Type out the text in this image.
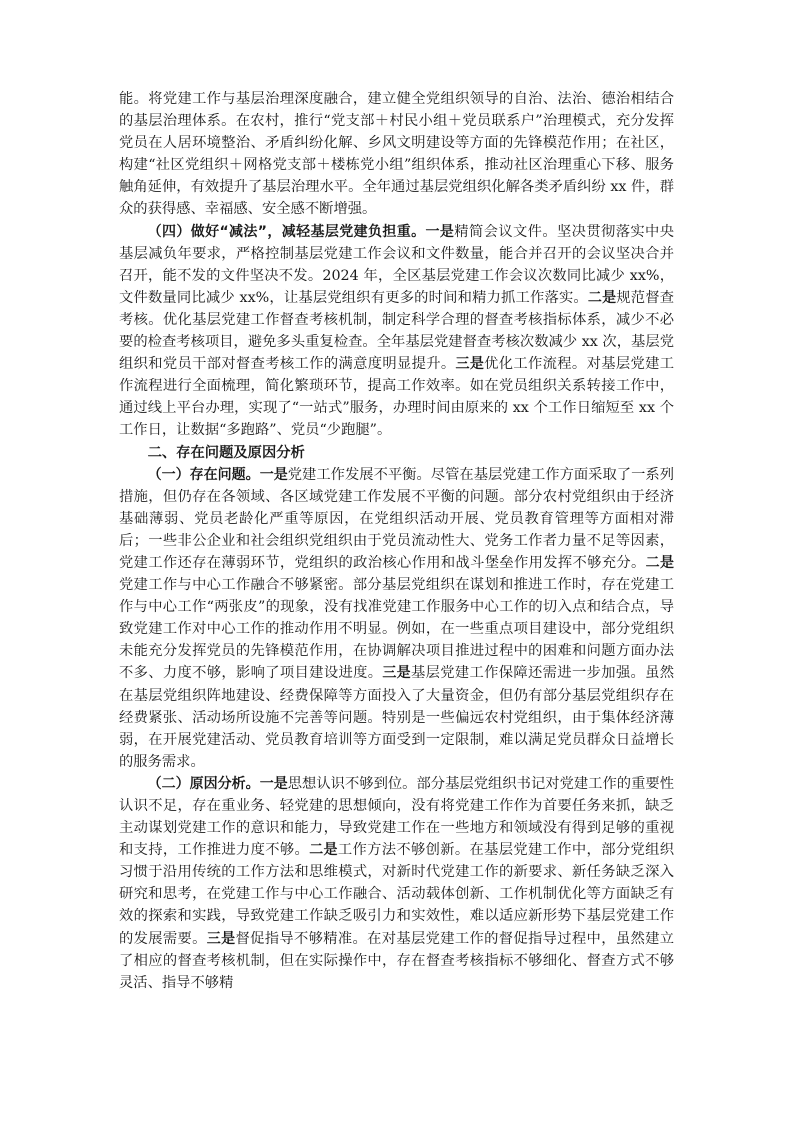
能。将党建工作与基层治理深度融合，建立健全党组织领导的自治、法治、德治相结合的基层治理体系。在农村，推行“党支部＋村民小组＋党员联系户”治理模式，充分发挥党员在人居环境整治、矛盾纠纷化解、乡风文明建设等方面的先锋模范作用；在社区，构建“社区党组织＋网格党支部＋楼栋党小组”组织体系，推动社区治理重心下移、服务触角延伸，有效提升了基层治理水平。全年通过基层党组织化解各类矛盾纠纷 xx 件，群众的获得感、幸福感、安全感不断增强。

（四）做好“减法”，减轻基层党建负担重。一是精简会议文件。坚决贯彻落实中央基层减负年要求，严格控制基层党建工作会议和文件数量，能合并召开的会议坚决合并召开，能不发的文件坚决不发。2024 年，全区基层党建工作会议次数同比减少 xx%，文件数量同比减少 xx%，让基层党组织有更多的时间和精力抓工作落实。二是规范督查考核。优化基层党建工作督查考核机制，制定科学合理的督查考核指标体系，减少不必要的检查考核项目，避免多头重复检查。全年基层党建督查考核次数减少 xx 次，基层党组织和党员干部对督查考核工作的满意度明显提升。三是优化工作流程。对基层党建工作流程进行全面梳理，简化繁琐环节，提高工作效率。如在党员组织关系转接工作中，通过线上平台办理，实现了“一站式”服务，办理时间由原来的 xx 个工作日缩短至 xx 个工作日，让数据“多跑路”、党员“少跑腿”。

二、存在问题及原因分析

（一）存在问题。一是党建工作发展不平衡。尽管在基层党建工作方面采取了一系列措施，但仍存在各领域、各区域党建工作发展不平衡的问题。部分农村党组织由于经济基础薄弱、党员老龄化严重等原因，在党组织活动开展、党员教育管理等方面相对滞后；一些非公企业和社会组织党组织由于党员流动性大、党务工作者力量不足等因素，党建工作还存在薄弱环节，党组织的政治核心作用和战斗堡垒作用发挥不够充分。二是党建工作与中心工作融合不够紧密。部分基层党组织在谋划和推进工作时，存在党建工作与中心工作“两张皮”的现象，没有找准党建工作服务中心工作的切入点和结合点，导致党建工作对中心工作的推动作用不明显。例如，在一些重点项目建设中，部分党组织未能充分发挥党员的先锋模范作用，在协调解决项目推进过程中的困难和问题方面办法不多、力度不够，影响了项目建设进度。三是基层党建工作保障还需进一步加强。虽然在基层党组织阵地建设、经费保障等方面投入了大量资金，但仍有部分基层党组织存在经费紧张、活动场所设施不完善等问题。特别是一些偏远农村党组织，由于集体经济薄弱，在开展党建活动、党员教育培训等方面受到一定限制，难以满足党员群众日益增长的服务需求。

（二）原因分析。一是思想认识不够到位。部分基层党组织书记对党建工作的重要性认识不足，存在重业务、轻党建的思想倾向，没有将党建工作作为首要任务来抓，缺乏主动谋划党建工作的意识和能力，导致党建工作在一些地方和领域没有得到足够的重视和支持，工作推进力度不够。二是工作方法不够创新。在基层党建工作中，部分党组织习惯于沿用传统的工作方法和思维模式，对新时代党建工作的新要求、新任务缺乏深入研究和思考，在党建工作与中心工作融合、活动载体创新、工作机制优化等方面缺乏有效的探索和实践，导致党建工作缺乏吸引力和实效性，难以适应新形势下基层党建工作的发展需要。三是督促指导不够精准。在对基层党建工作的督促指导过程中，虽然建立了相应的督查考核机制，但在实际操作中，存在督查考核指标不够细化、督查方式不够灵活、指导不够精
